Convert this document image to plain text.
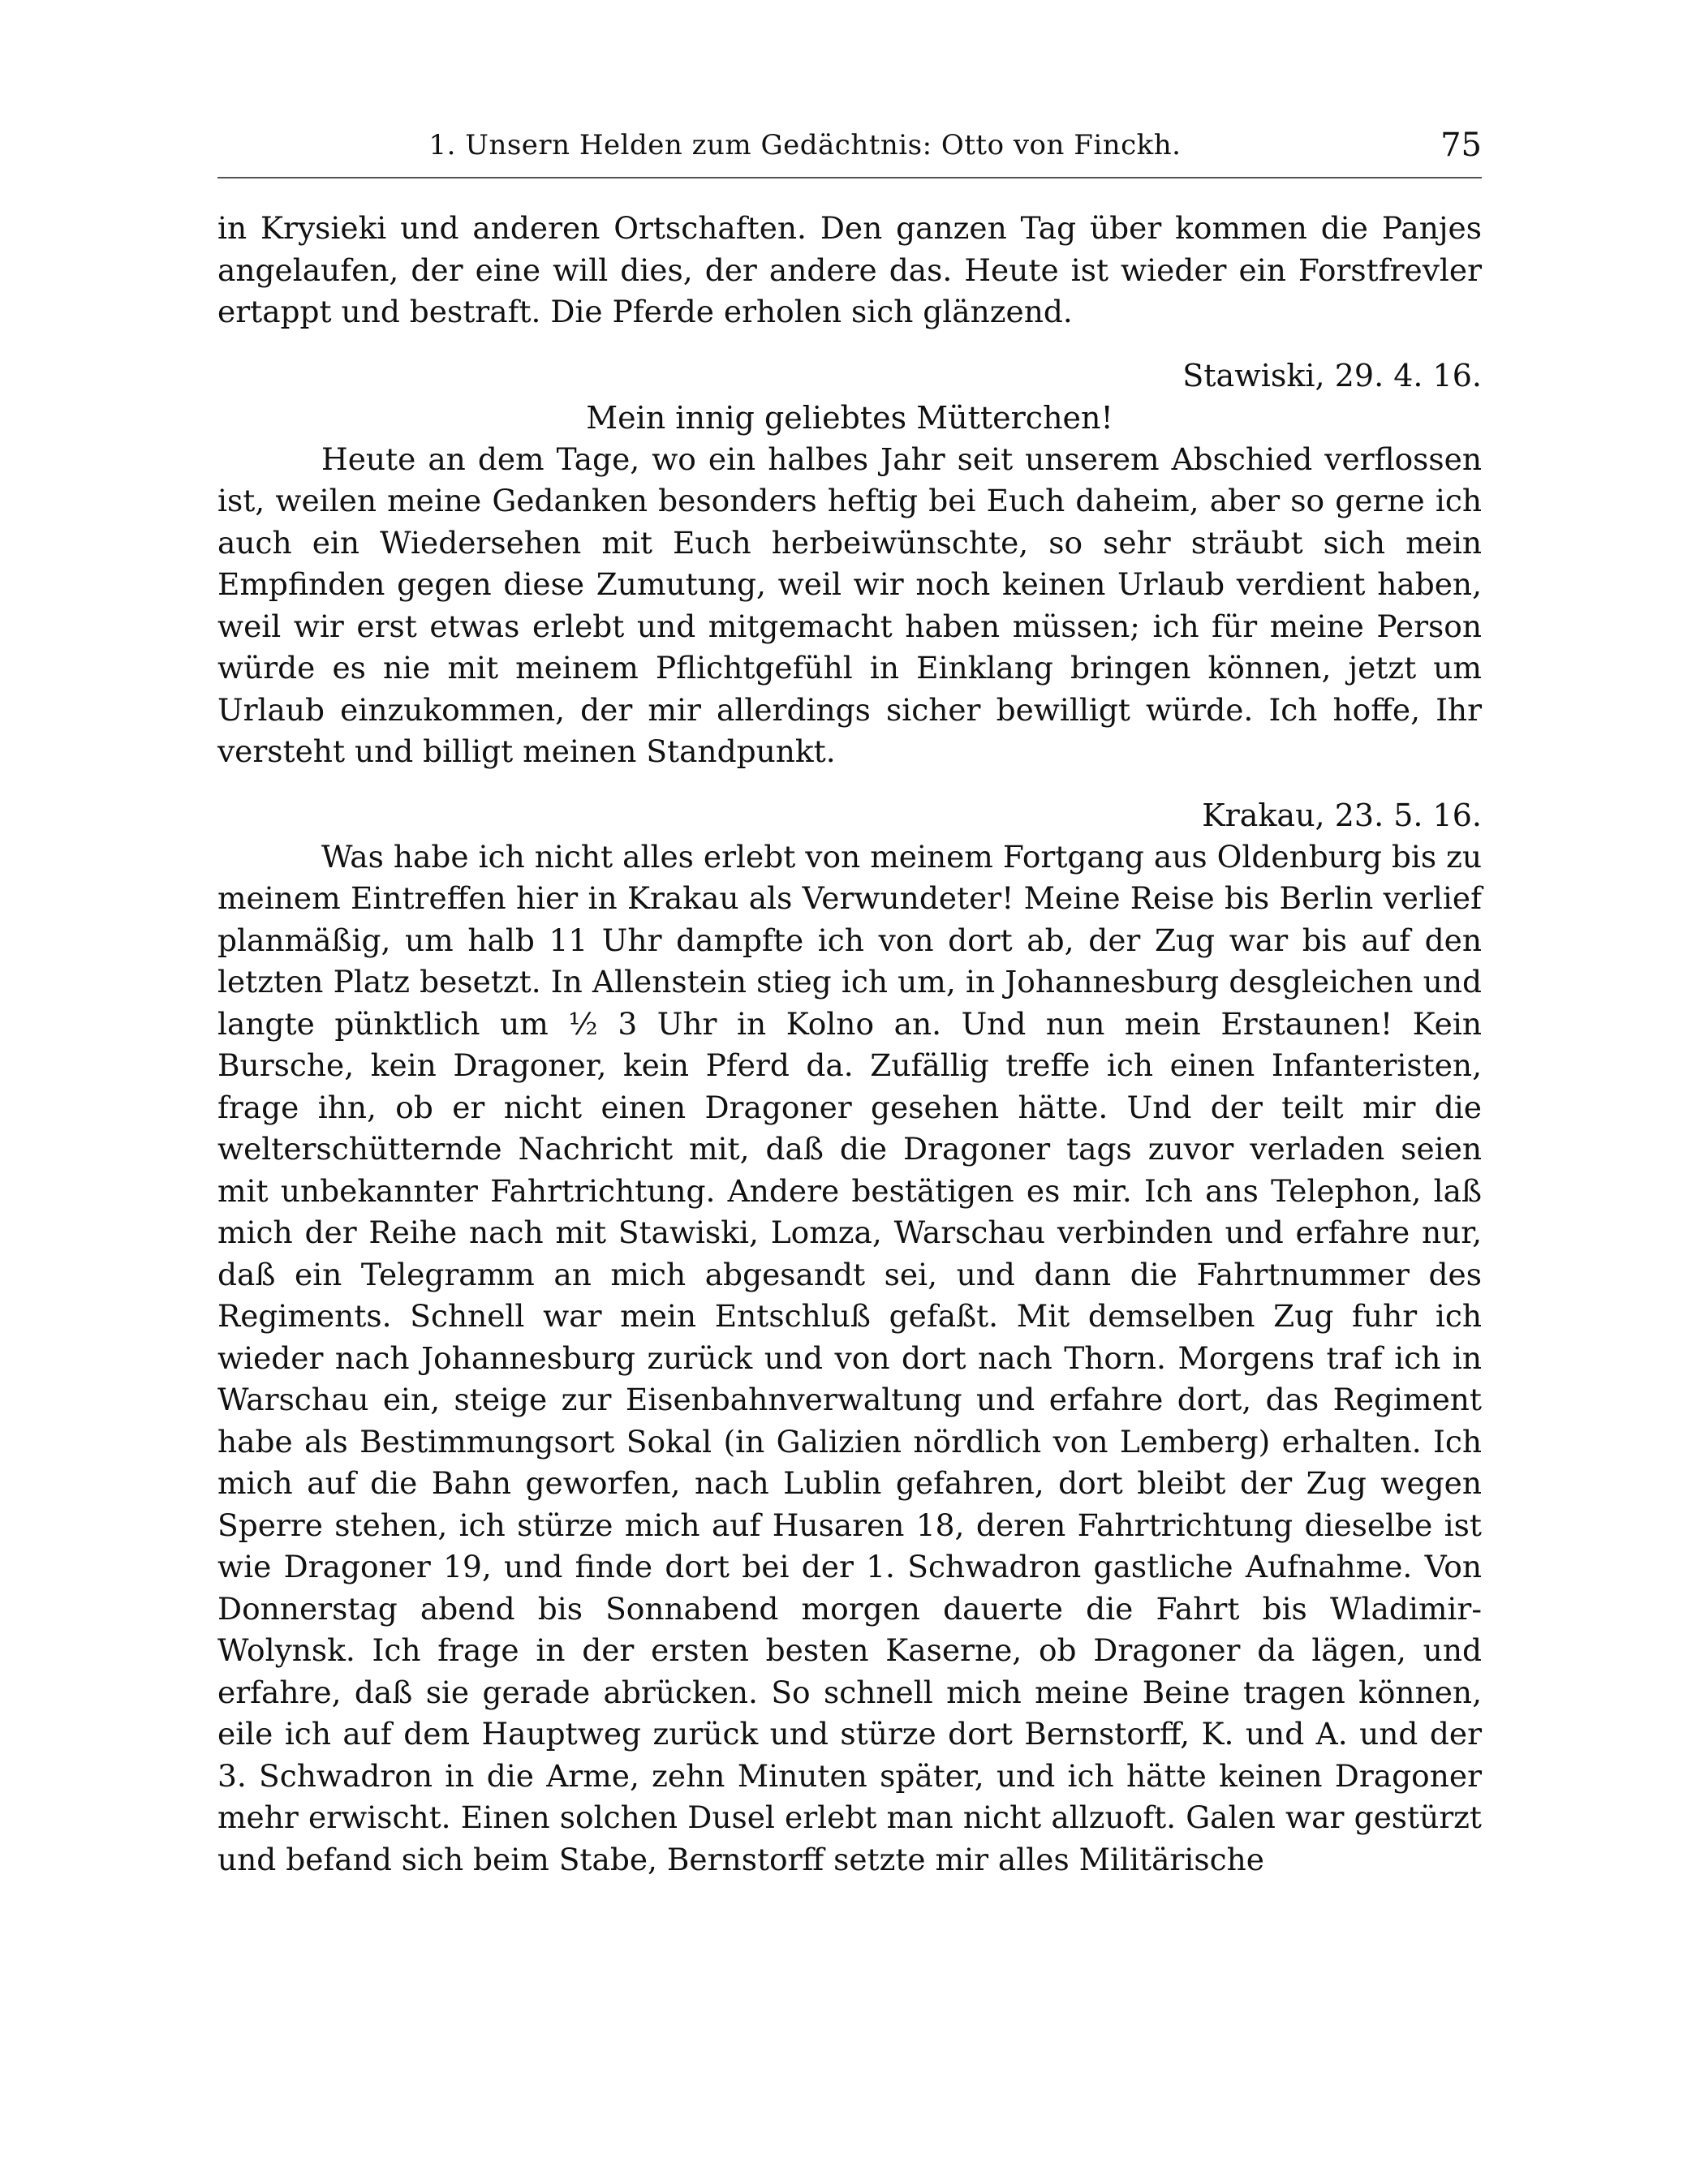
1. Unsern Helden zum Gedächtnis: Otto von Finckh.	75

in Krysieki und anderen Ortschaften. Den ganzen Tag über kommen die Panjes angelaufen, der eine will dies, der andere das. Heute ist wieder ein Forstfrevler ertappt und bestraft. Die Pferde erholen sich glänzend.

Stawiski, 29. 4. 16.

Mein innig geliebtes Mütterchen!

Heute an dem Tage, wo ein halbes Jahr seit unserem Abschied verflossen ist, weilen meine Gedanken besonders heftig bei Euch daheim, aber so gerne ich auch ein Wiedersehen mit Euch herbeiwünschte, so sehr sträubt sich mein Empfinden gegen diese Zumutung, weil wir noch keinen Urlaub verdient haben, weil wir erst etwas erlebt und mitgemacht haben müssen; ich für meine Person würde es nie mit meinem Pflichtgefühl in Einklang bringen können, jetzt um Urlaub einzukommen, der mir allerdings sicher bewilligt würde. Ich hoffe, Ihr versteht und billigt meinen Standpunkt.

Krakau, 23. 5. 16.

Was habe ich nicht alles erlebt von meinem Fortgang aus Oldenburg bis zu meinem Eintreffen hier in Krakau als Verwundeter! Meine Reise bis Berlin verlief planmäßig, um halb 11 Uhr dampfte ich von dort ab, der Zug war bis auf den letzten Platz besetzt. In Allenstein stieg ich um, in Johannesburg desgleichen und langte pünktlich um ½ 3 Uhr in Kolno an. Und nun mein Erstaunen! Kein Bursche, kein Dragoner, kein Pferd da. Zufällig treffe ich einen Infanteristen, frage ihn, ob er nicht einen Dragoner gesehen hätte. Und der teilt mir die welterschütternde Nachricht mit, daß die Dragoner tags zuvor verladen seien mit unbekannter Fahrtrichtung. Andere bestätigen es mir. Ich ans Telephon, laß mich der Reihe nach mit Stawiski, Lomza, Warschau verbinden und erfahre nur, daß ein Telegramm an mich abgesandt sei, und dann die Fahrtnummer des Regiments. Schnell war mein Entschluß gefaßt. Mit demselben Zug fuhr ich wieder nach Johannesburg zurück und von dort nach Thorn. Morgens traf ich in Warschau ein, steige zur Eisenbahnverwaltung und erfahre dort, das Regiment habe als Bestimmungsort Sokal (in Galizien nördlich von Lemberg) erhalten. Ich mich auf die Bahn geworfen, nach Lublin gefahren, dort bleibt der Zug wegen Sperre stehen, ich stürze mich auf Husaren 18, deren Fahrtrichtung dieselbe ist wie Dragoner 19, und finde dort bei der 1. Schwadron gastliche Aufnahme. Von Donnerstag abend bis Sonnabend morgen dauerte die Fahrt bis Wladimir-Wolynsk. Ich frage in der ersten besten Kaserne, ob Dragoner da lägen, und erfahre, daß sie gerade abrücken. So schnell mich meine Beine tragen können, eile ich auf dem Hauptweg zurück und stürze dort Bernstorff, K. und A. und der 3. Schwadron in die Arme, zehn Minuten später, und ich hätte keinen Dragoner mehr erwischt. Einen solchen Dusel erlebt man nicht allzuoft. Galen war gestürzt und befand sich beim Stabe, Bernstorff setzte mir alles Militärische
